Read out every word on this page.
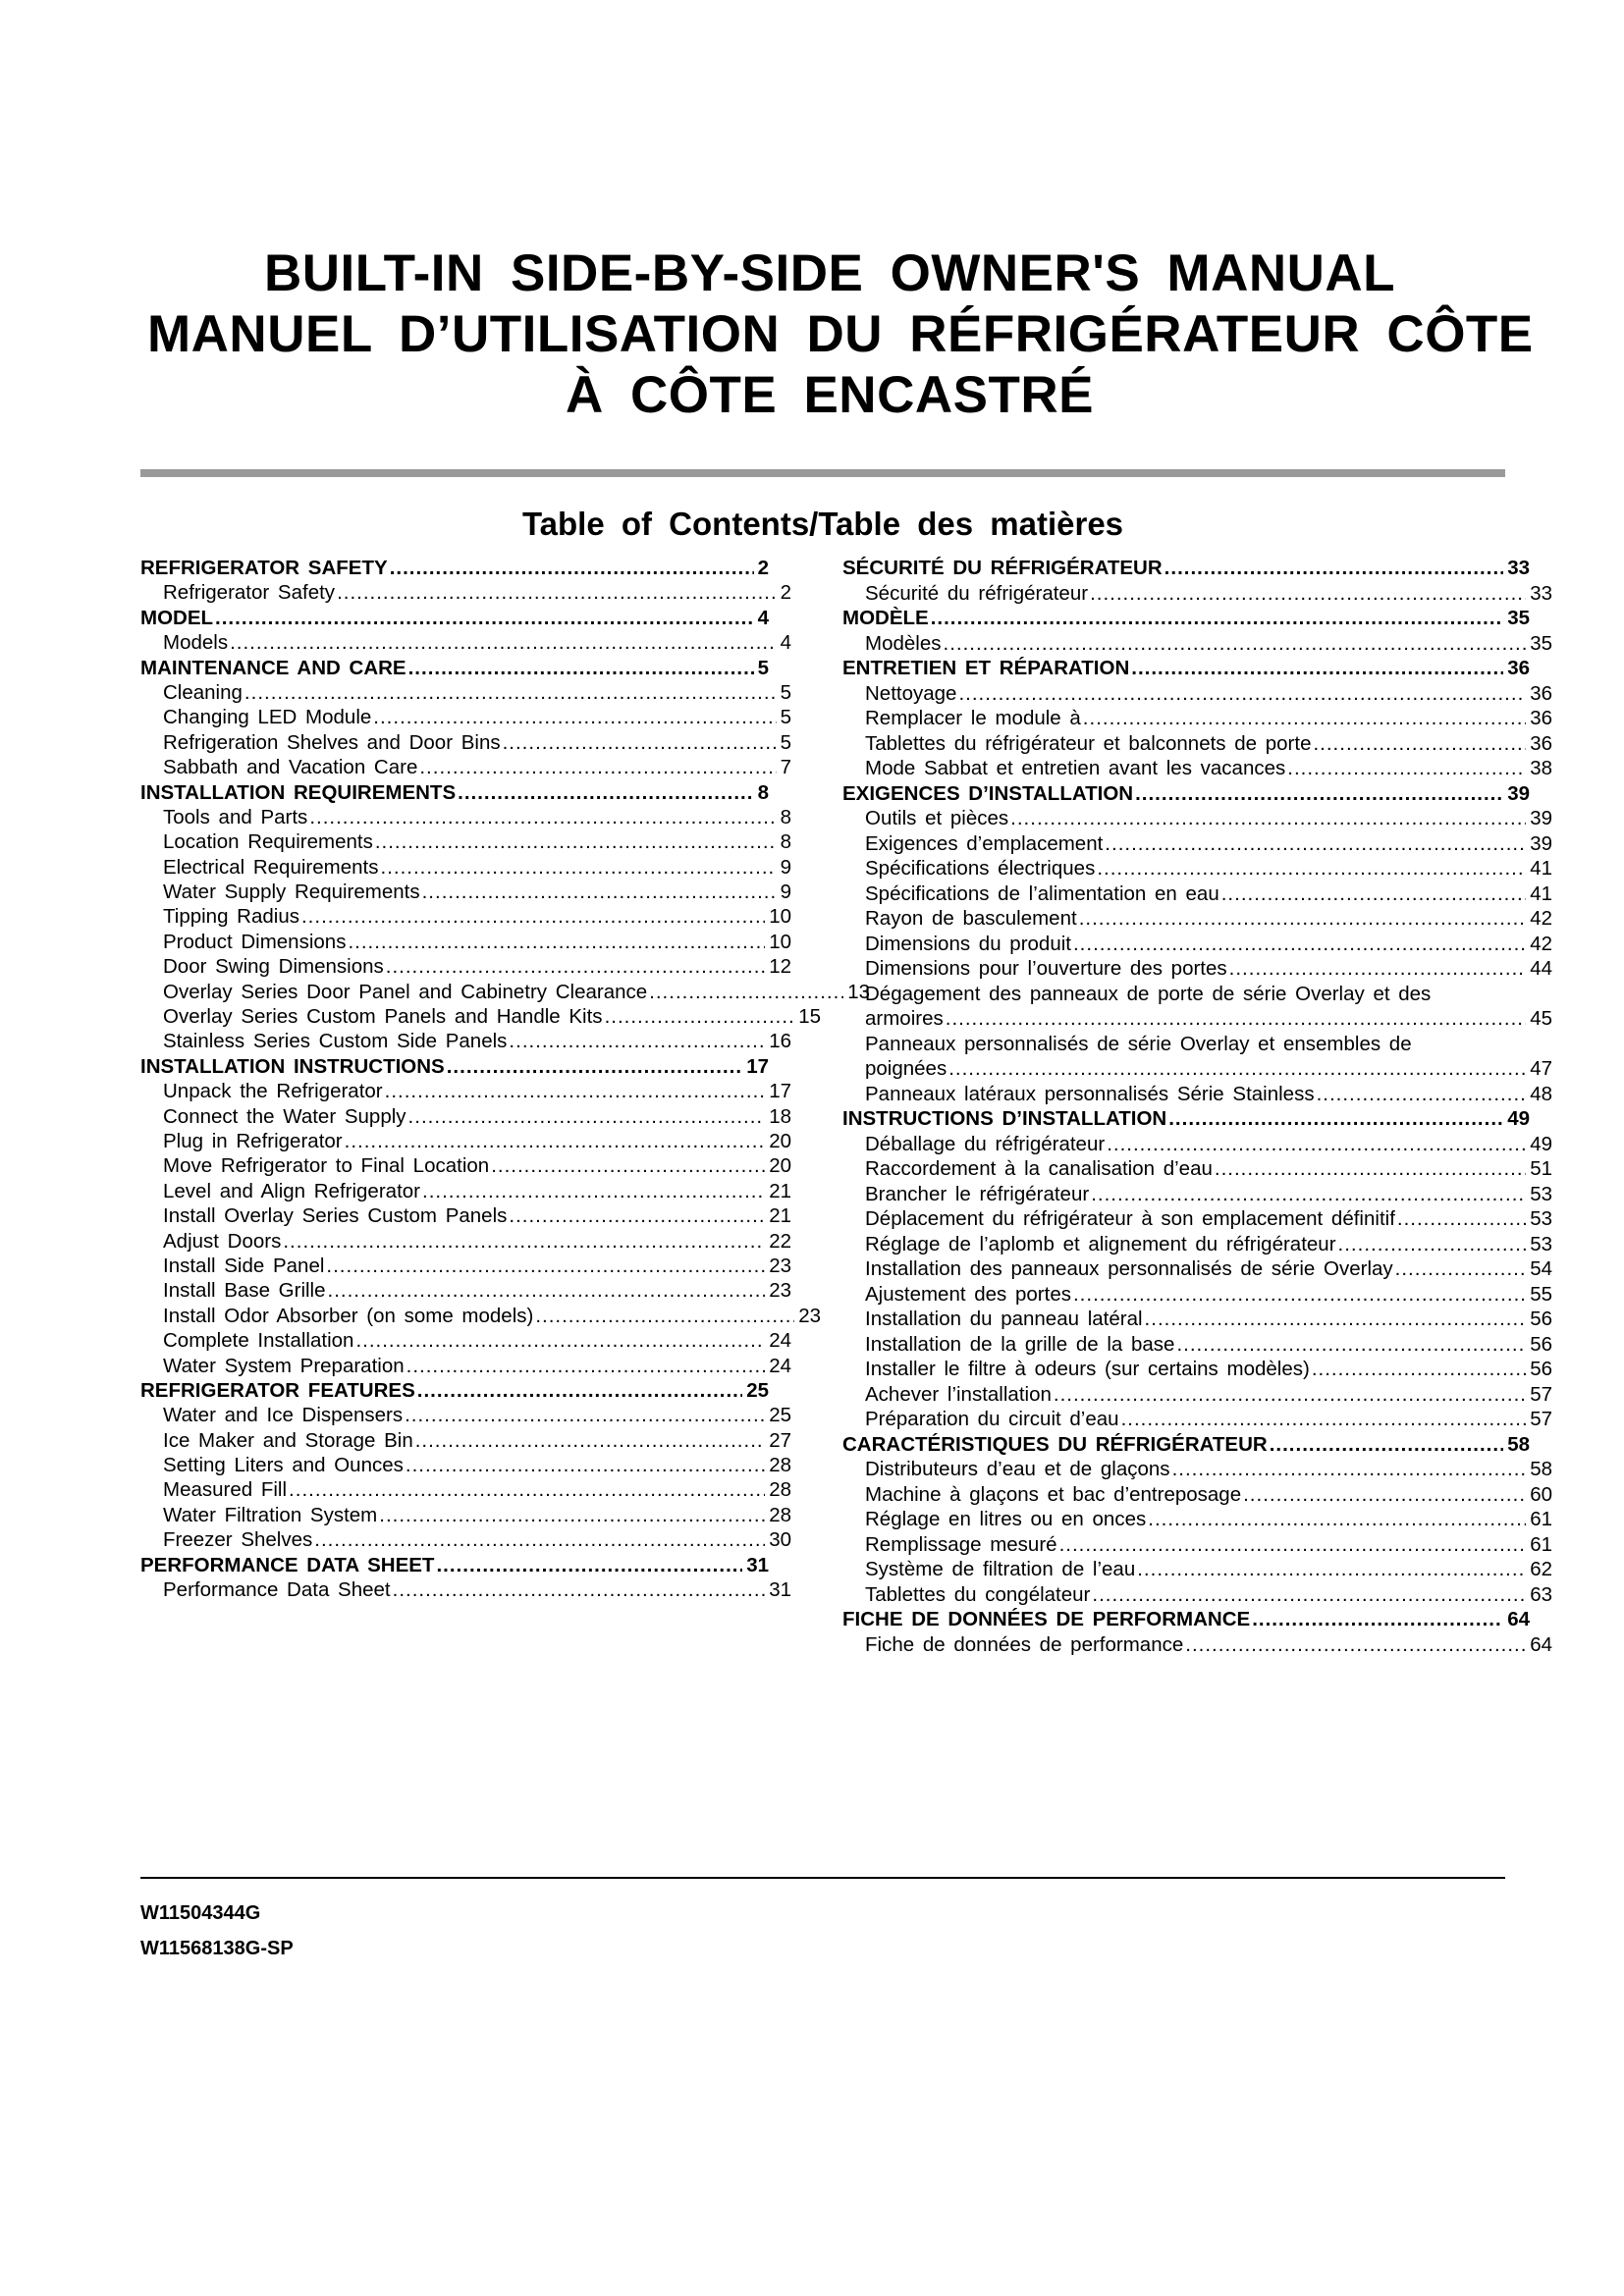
BUILT-IN SIDE-BY-SIDE OWNER'S MANUAL
MANUEL D’UTILISATION DU RÉFRIGÉRATEUR CÔTE
À CÔTE ENCASTRÉ
Table of Contents/Table des matières
REFRIGERATOR SAFETY .....	2
Refrigerator Safety .....	2
MODEL .....	4
Models .....	4
MAINTENANCE AND CARE .....	5
Cleaning .....	5
Changing LED Module .....	5
Refrigeration Shelves and Door Bins .....	5
Sabbath and Vacation Care .....	7
INSTALLATION REQUIREMENTS .....	8
Tools and Parts .....	8
Location Requirements .....	8
Electrical Requirements .....	9
Water Supply Requirements .....	9
Tipping Radius .....	10
Product Dimensions .....	10
Door Swing Dimensions .....	12
Overlay Series Door Panel and Cabinetry Clearance .....	13
Overlay Series Custom Panels and Handle Kits .....	15
Stainless Series Custom Side Panels .....	16
INSTALLATION INSTRUCTIONS .....	17
Unpack the Refrigerator .....	17
Connect the Water Supply .....	18
Plug in Refrigerator .....	20
Move Refrigerator to Final Location .....	20
Level and Align Refrigerator .....	21
Install Overlay Series Custom Panels .....	21
Adjust Doors .....	22
Install Side Panel .....	23
Install Base Grille .....	23
Install Odor Absorber (on some models) .....	23
Complete Installation .....	24
Water System Preparation .....	24
REFRIGERATOR FEATURES .....	25
Water and Ice Dispensers .....	25
Ice Maker and Storage Bin .....	27
Setting Liters and Ounces .....	28
Measured Fill .....	28
Water Filtration System .....	28
Freezer Shelves .....	30
PERFORMANCE DATA SHEET .....	31
Performance Data Sheet .....	31
SÉCURITÉ DU RÉFRIGÉRATEUR .....	33
Sécurité du réfrigérateur .....	33
MODÈLE .....	35
Modèles .....	35
ENTRETIEN ET RÉPARATION .....	36
Nettoyage .....	36
Remplacer le module à .....	36
Tablettes du réfrigérateur et balconnets de porte .....	36
Mode Sabbat et entretien avant les vacances .....	38
EXIGENCES D’INSTALLATION .....	39
Outils et pièces .....	39
Exigences d’emplacement .....	39
Spécifications électriques .....	41
Spécifications de l’alimentation en eau .....	41
Rayon de basculement .....	42
Dimensions du produit .....	42
Dimensions pour l’ouverture des portes .....	44
Dégagement des panneaux de porte de série Overlay et des
armoires .....	45
Panneaux personnalisés de série Overlay et ensembles de
poignées .....	47
Panneaux latéraux personnalisés Série Stainless .....	48
INSTRUCTIONS D’INSTALLATION .....	49
Déballage du réfrigérateur .....	49
Raccordement à la canalisation d’eau .....	51
Brancher le réfrigérateur .....	53
Déplacement du réfrigérateur à son emplacement définitif .....	53
Réglage de l’aplomb et alignement du réfrigérateur .....	53
Installation des panneaux personnalisés de série Overlay .....	54
Ajustement des portes .....	55
Installation du panneau latéral .....	56
Installation de la grille de la base .....	56
Installer le filtre à odeurs (sur certains modèles) .....	56
Achever l’installation .....	57
Préparation du circuit d’eau .....	57
CARACTÉRISTIQUES DU RÉFRIGÉRATEUR .....	58
Distributeurs d’eau et de glaçons .....	58
Machine à glaçons et bac d’entreposage .....	60
Réglage en litres ou en onces .....	61
Remplissage mesuré .....	61
Système de filtration de l’eau .....	62
Tablettes du congélateur .....	63
FICHE DE DONNÉES DE PERFORMANCE .....	64
Fiche de données de performance .....	64
W11504344G
W11568138G-SP
